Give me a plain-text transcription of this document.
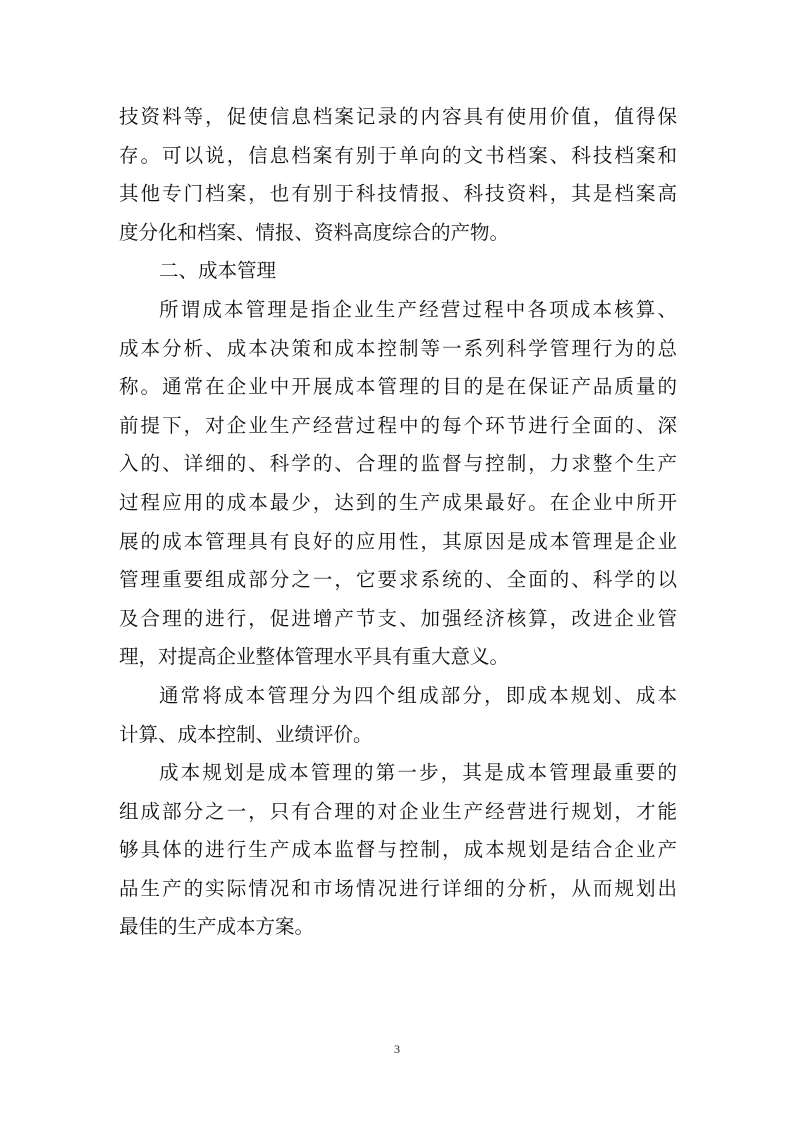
技资料等，促使信息档案记录的内容具有使用价值，值得保
存。可以说，信息档案有别于单向的文书档案、科技档案和
其他专门档案，也有别于科技情报、科技资料，其是档案高
度分化和档案、情报、资料高度综合的产物。
二、成本管理
所谓成本管理是指企业生产经营过程中各项成本核算、
成本分析、成本决策和成本控制等一系列科学管理行为的总
称。通常在企业中开展成本管理的目的是在保证产品质量的
前提下，对企业生产经营过程中的每个环节进行全面的、深
入的、详细的、科学的、合理的监督与控制，力求整个生产
过程应用的成本最少，达到的生产成果最好。在企业中所开
展的成本管理具有良好的应用性，其原因是成本管理是企业
管理重要组成部分之一，它要求系统的、全面的、科学的以
及合理的进行，促进增产节支、加强经济核算，改进企业管
理，对提高企业整体管理水平具有重大意义。
通常将成本管理分为四个组成部分，即成本规划、成本
计算、成本控制、业绩评价。
成本规划是成本管理的第一步，其是成本管理最重要的
组成部分之一，只有合理的对企业生产经营进行规划，才能
够具体的进行生产成本监督与控制，成本规划是结合企业产
品生产的实际情况和市场情况进行详细的分析，从而规划出
最佳的生产成本方案。
3
